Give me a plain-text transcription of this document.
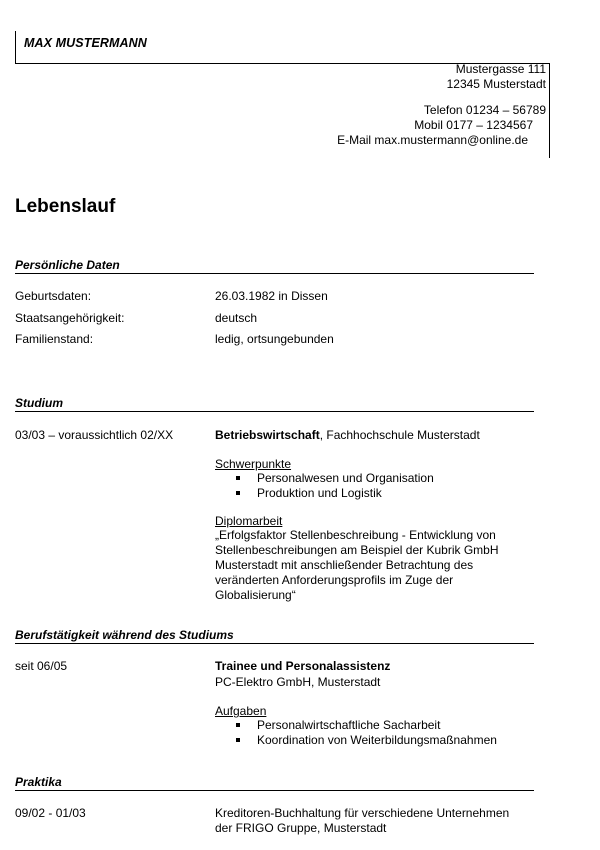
MAX MUSTERMANN
Mustergasse 111
12345 Musterstadt
Telefon 01234 – 56789
Mobil 0177 – 1234567
E-Mail max.mustermann@online.de
Lebenslauf
Persönliche Daten
Geburtsdaten:	26.03.1982 in Dissen
Staatsangehörigkeit:	deutsch
Familienstand:	ledig, ortsungebunden
Studium
03/03 – voraussichtlich 02/XX	Betriebswirtschaft, Fachhochschule Musterstadt
Schwerpunkte
Personalwesen und Organisation
Produktion und Logistik
Diplomarbeit
„Erfolgsfaktor Stellenbeschreibung - Entwicklung von Stellenbeschreibungen am Beispiel der Kubrik GmbH Musterstadt mit anschließender Betrachtung des veränderten Anforderungsprofils im Zuge der Globalisierung“
Berufstätigkeit während des Studiums
seit 06/05	Trainee und Personalassistenz
PC-Elektro GmbH, Musterstadt
Aufgaben
Personalwirtschaftliche Sacharbeit
Koordination von Weiterbildungsmaßnahmen
Praktika
09/02 - 01/03	Kreditoren-Buchhaltung für verschiedene Unternehmen
der FRIGO Gruppe, Musterstadt
